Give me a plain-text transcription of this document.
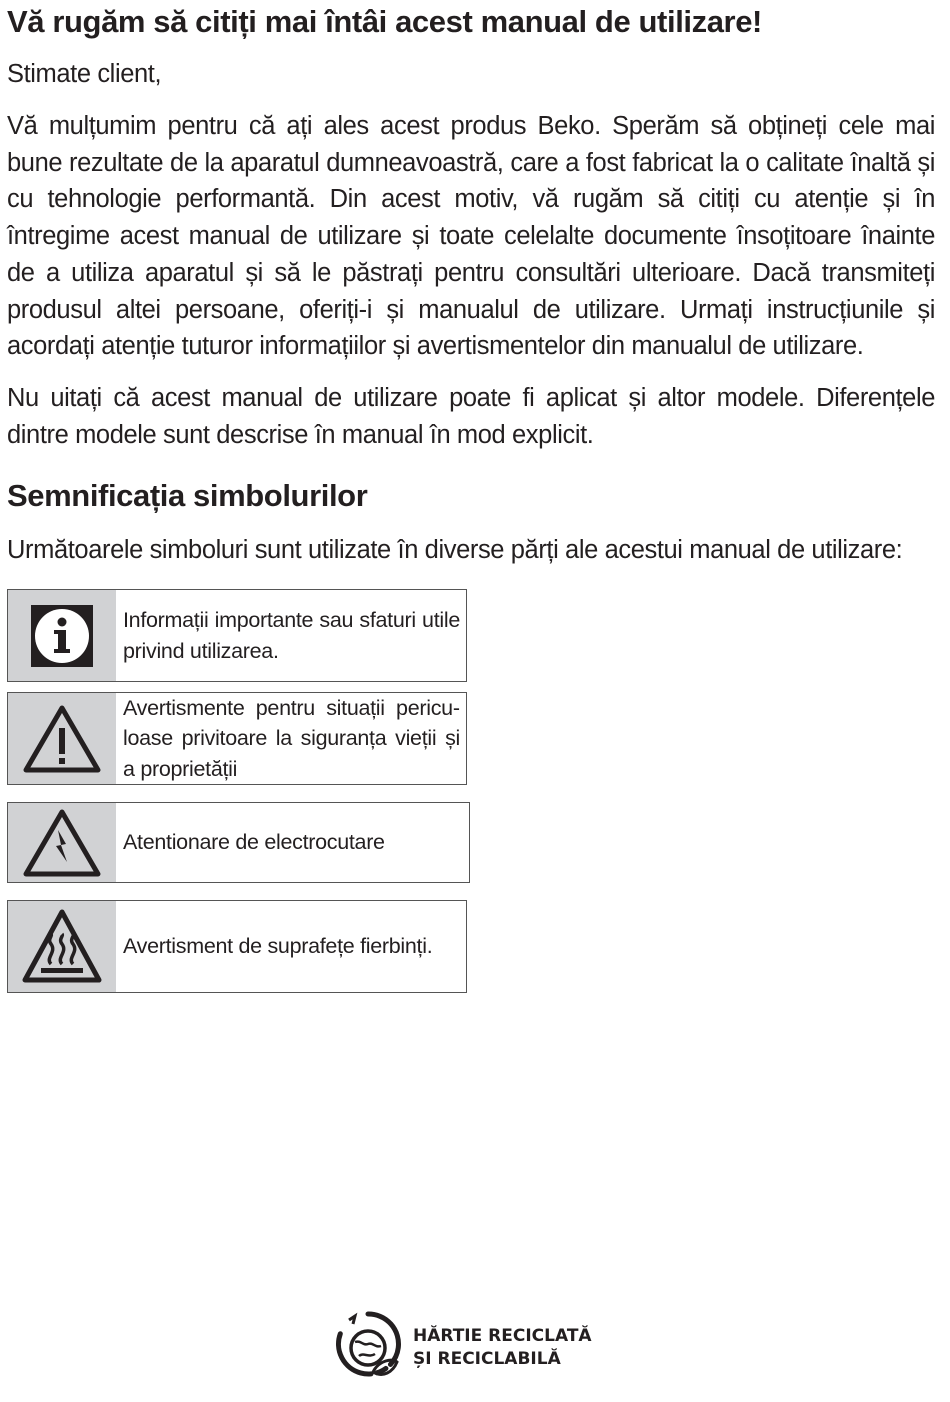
Vă rugăm să citiți mai întâi acest manual de utilizare!

Stimate client,

Vă mulțumim pentru că ați ales acest produs Beko. Sperăm să obțineți cele mai bune rezultate de la aparatul dumneavoastră, care a fost fabricat la o calitate înaltă și cu tehnologie performantă. Din acest motiv, vă rugăm să citiți cu atenție și în întregime acest manual de utilizare și toate celelalte documente însoțitoare înainte de a utiliza aparatul și să le păstrați pentru consultări ulterioare. Dacă transmiteți produsul altei persoane, oferiți-i și manualul de utilizare. Urmați instrucțiunile și acordați atenție tuturor informațiilor și avertismentelor din manualul de utilizare.

Nu uitați că acest manual de utilizare poate fi aplicat și altor modele. Diferențele dintre modele sunt descrise în manual în mod explicit.

Semnificația simbolurilor

Următoarele simboluri sunt utilizate în diverse părți ale acestui manual de utilizare:

Informații importante sau sfaturi utile privind utilizarea.
Avertismente pentru situații periculoase privitoare la siguranța vieții și a proprietății
Atentionare de electrocutare
Avertisment de suprafețe fierbinți.
HĂRTIE RECICLATĂ ȘI RECICLABILĂ
